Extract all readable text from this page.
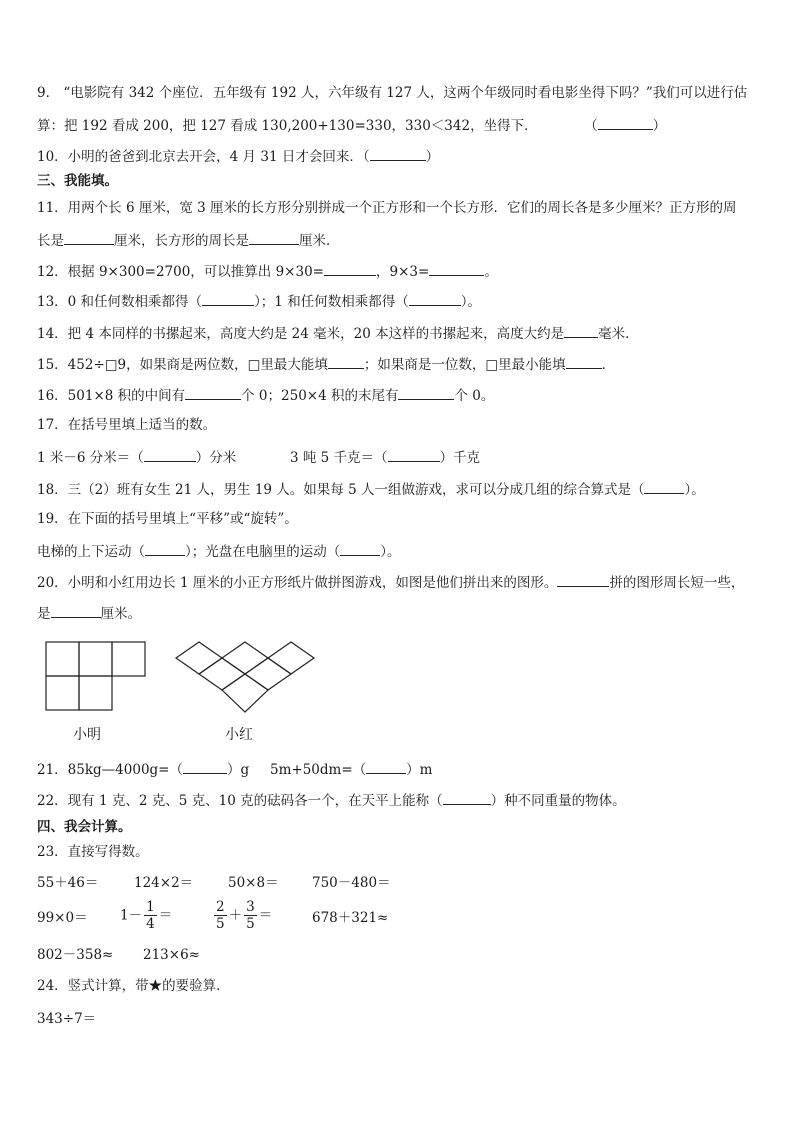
9． “电影院有 342 个座位．五年级有 192 人，六年级有 127 人，这两个年级同时看电影坐得下吗？”我们可以进行估
算：把 192 看成 200，把 127 看成 130,200+130=330，330＜342，坐得下．	（	）
10．小明的爸爸到北京去开会，4 月 31 日才会回来．（	）
三、我能填。
11．用两个长 6 厘米，宽 3 厘米的长方形分别拼成一个正方形和一个长方形．它们的周长各是多少厘米？正方形的周
长是	厘米，长方形的周长是	厘米．
12．根据 9×300=2700，可以推算出 9×30=	，9×3=	。
13．0 和任何数相乘都得（	）；1 和任何数相乘都得（	）。
14．把 4 本同样的书摞起来，高度大约是 24 毫米，20 本这样的书摞起来，高度大约是	毫米．
15．452÷□9，如果商是两位数，□里最大能填	；如果商是一位数，□里最小能填	．
16．501×8 积的中间有	个 0；250×4 积的末尾有	个 0。
17．在括号里填上适当的数。
1 米－6 分米＝（	）分米	3 吨 5 千克＝（	）千克
18．三（2）班有女生 21 人，男生 19 人。如果每 5 人一组做游戏，求可以分成几组的综合算式是（	）。
19．在下面的括号里填上“平移”或“旋转”。
电梯的上下运动（	）；光盘在电脑里的运动（	）。
20．小明和小红用边长 1 厘米的小正方形纸片做拼图游戏，如图是他们拼出来的图形。	拼的图形周长短一些，
是	厘米。
小明	小红
21．85kg—4000g=（	）g 5m+50dm=（	）m
22．现有 1 克、2 克、5 克、10 克的砝码各一个，在天平上能称（	）种不同重量的物体。
四、我会计算。
23．直接写得数。
55＋46＝	124×2＝	50×8＝ 750－480＝
$99\times 0= 1- \frac{1}{4}$ ＝	$\frac{2}{5} + \frac{3}{5}$ ＝	678＋321≈
802－358≈ 213×6≈
24．竖式计算，带★的要验算．
343÷7＝
